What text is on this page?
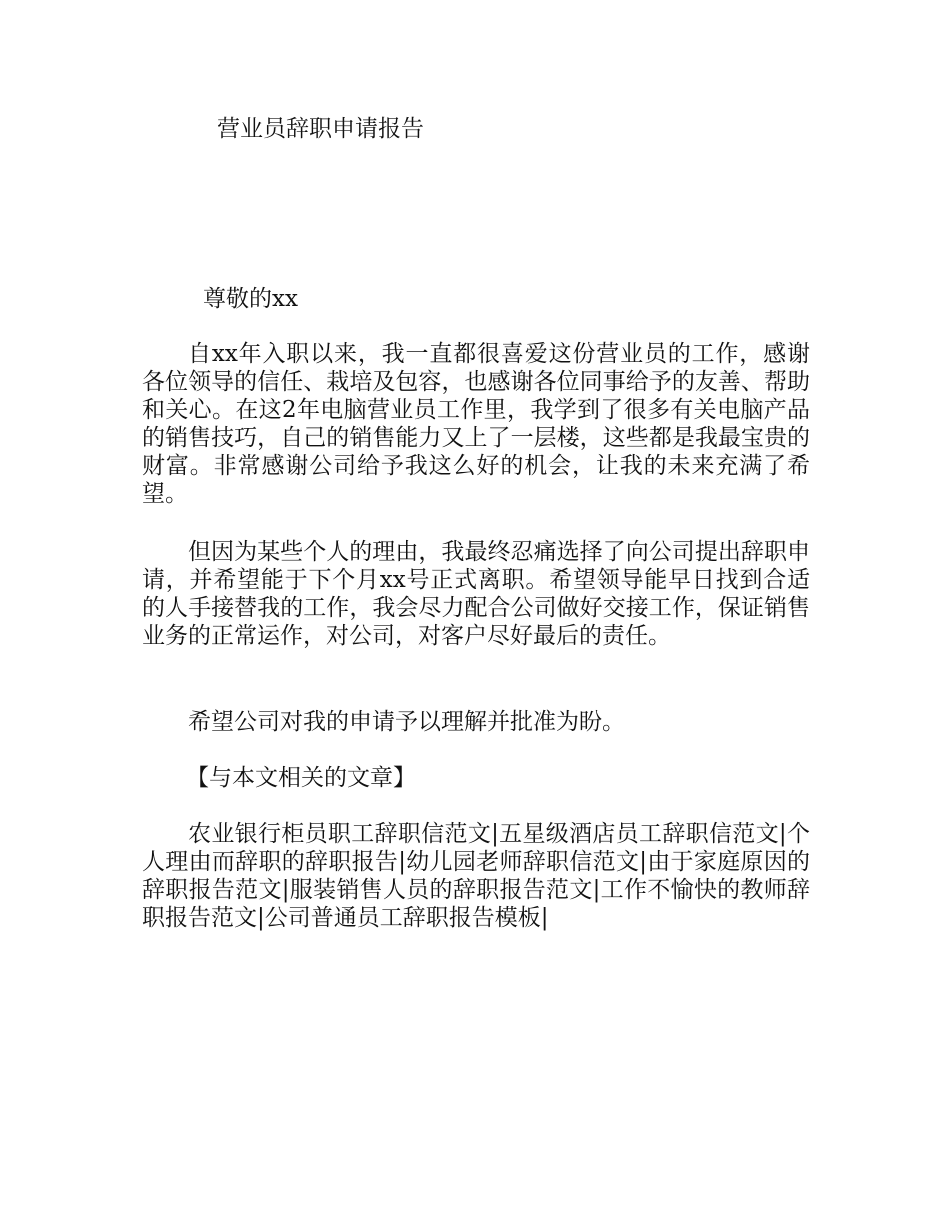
营业员辞职申请报告
尊敬的xx

自xx年入职以来，我一直都很喜爱这份营业员的工作，感谢各位领导的信任、栽培及包容，也感谢各位同事给予的友善、帮助和关心。在这2年电脑营业员工作里，我学到了很多有关电脑产品的销售技巧，自己的销售能力又上了一层楼，这些都是我最宝贵的财富。非常感谢公司给予我这么好的机会，让我的未来充满了希望。

但因为某些个人的理由，我最终忍痛选择了向公司提出辞职申请，并希望能于下个月xx号正式离职。希望领导能早日找到合适的人手接替我的工作，我会尽力配合公司做好交接工作，保证销售业务的正常运作，对公司，对客户尽好最后的责任。

希望公司对我的申请予以理解并批准为盼。

【与本文相关的文章】

农业银行柜员职工辞职信范文|五星级酒店员工辞职信范文|个人理由而辞职的辞职报告|幼儿园老师辞职信范文|由于家庭原因的辞职报告范文|服装销售人员的辞职报告范文|工作不愉快的教师辞职报告范文|公司普通员工辞职报告模板|
